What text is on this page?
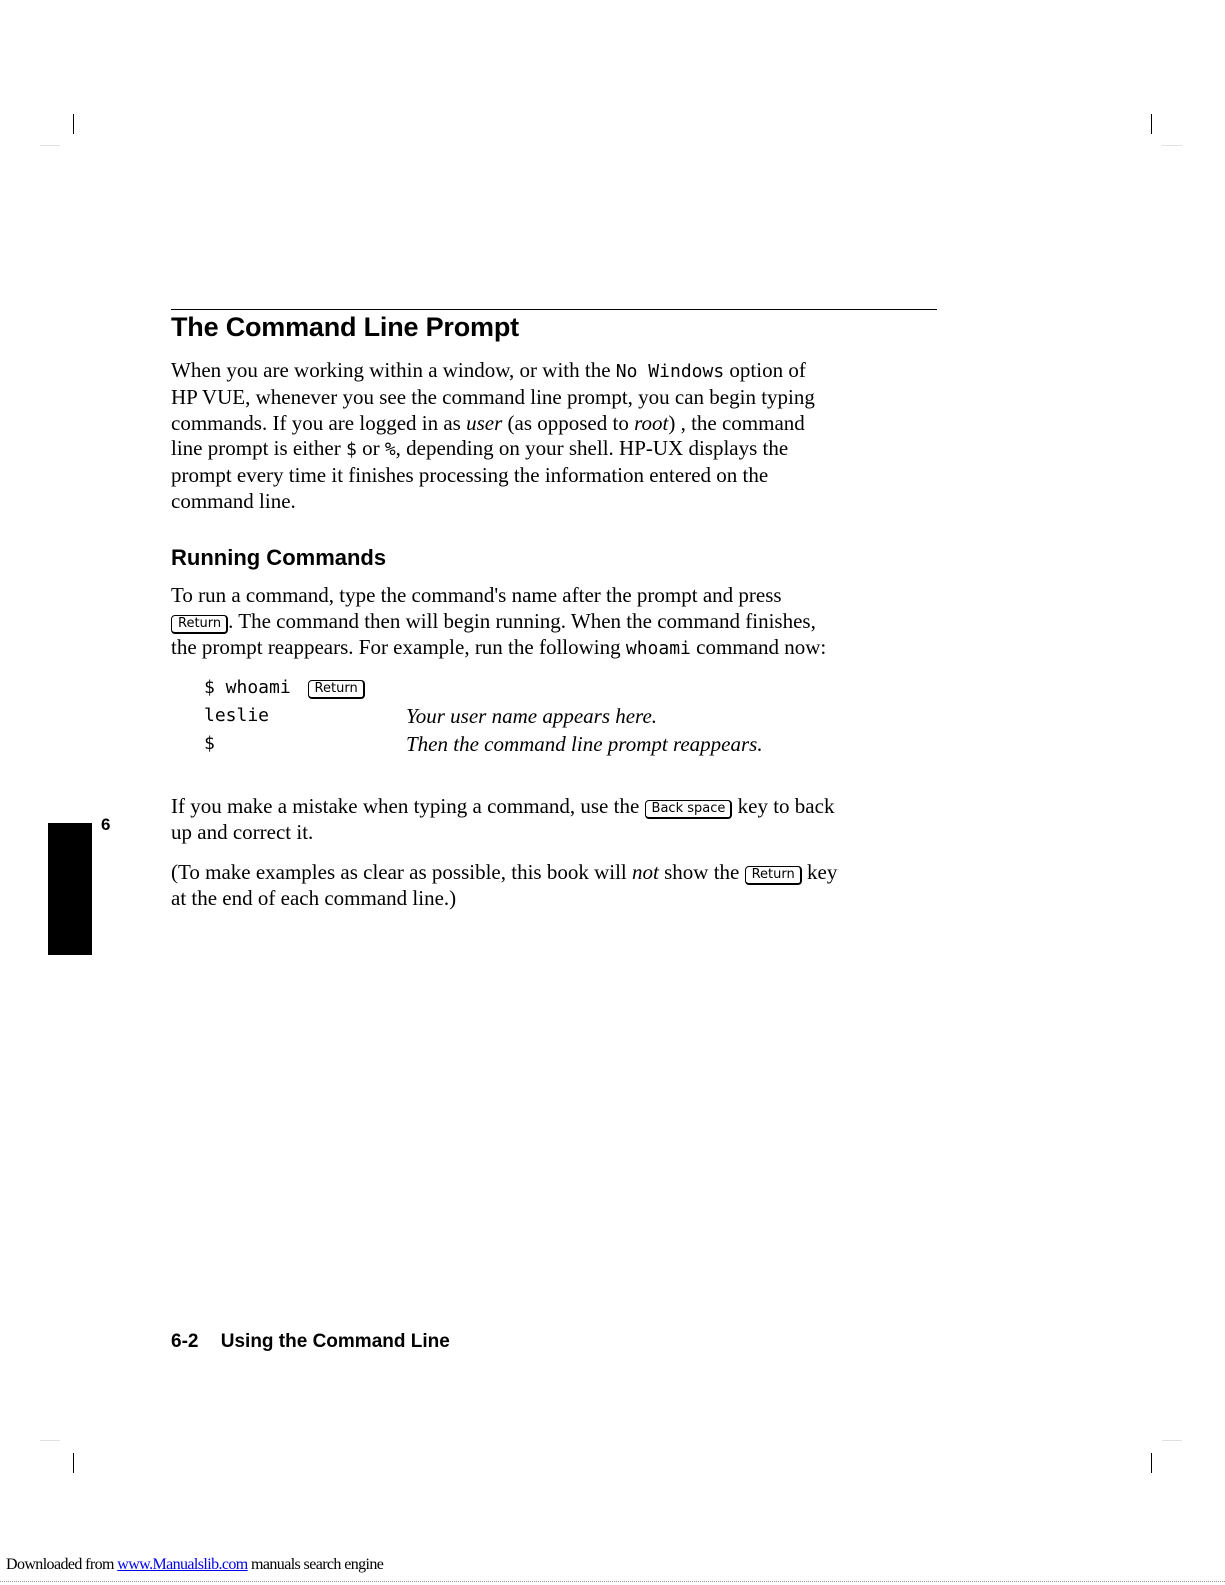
The Command Line Prompt
When you are working within a window, or with the No Windows option of
HP VUE, whenever you see the command line prompt, you can begin typing
commands. If you are logged in as user (as opposed to root) , the command
line prompt is either $ or %, depending on your shell. HP-UX displays the
prompt every time it finishes processing the information entered on the
command line.
Running Commands
To run a command, type the command's name after the prompt and press
Return . The command then will begin running. When the command finishes,
the prompt reappears. For example, run the following whoami command now:
$ whoami Return
leslie	Your user name appears here.
$	Then the command line prompt reappears.
6
If you make a mistake when typing a command, use the Back space key to back
up and correct it.
(To make examples as clear as possible, this book will not show the Return key
at the end of each command line.)
6-2 Using the Command Line
Downloaded from www.Manualslib.com manuals search engine
